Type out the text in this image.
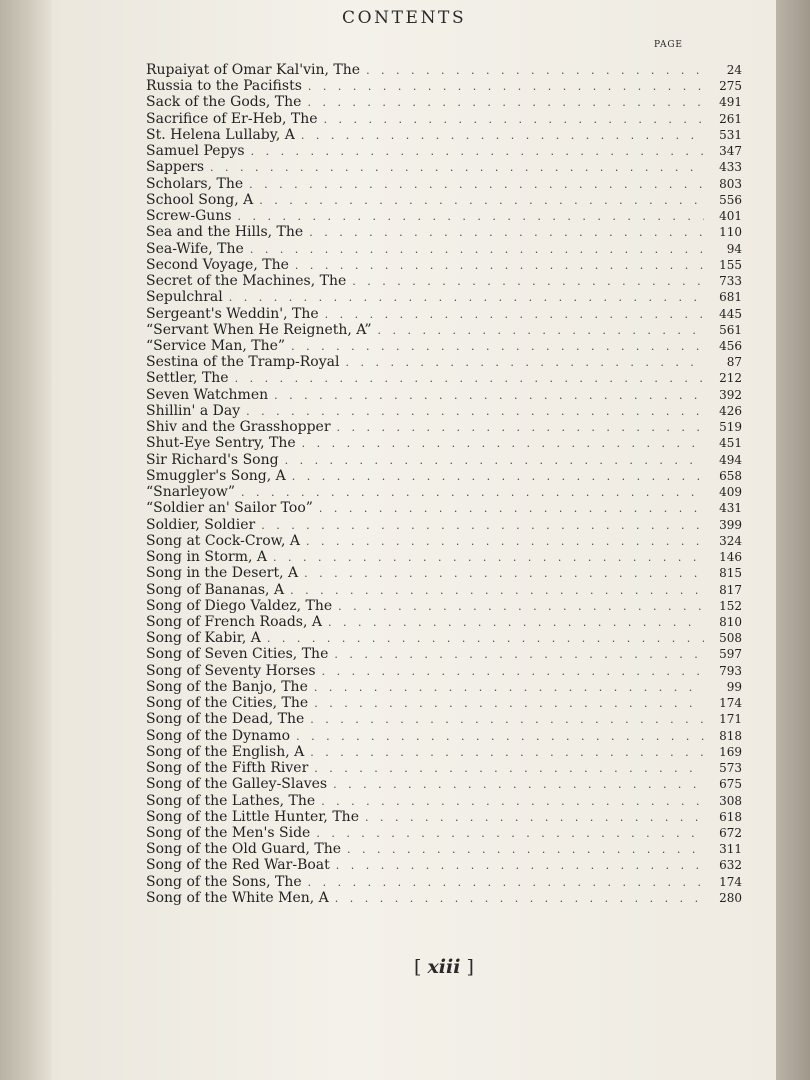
CONTENTS
PAGE
Rupaiyat of Omar Kal'vin, The . . .	24
Russia to the Pacifists . . .	275
Sack of the Gods, The . . .	491
Sacrifice of Er-Heb, The . . .	261
St. Helena Lullaby, A . . .	531
Samuel Pepys . . .	347
Sappers . . .	433
Scholars, The . . .	803
School Song, A . . .	556
Screw-Guns . . .	401
Sea and the Hills, The . . .	110
Sea-Wife, The . . .	94
Second Voyage, The . . .	155
Secret of the Machines, The . . .	733
Sepulchral . . .	681
Sergeant's Weddin', The . . .	445
“Servant When He Reigneth, A” . . .	561
“Service Man, The” . . .	456
Sestina of the Tramp-Royal . . .	87
Settler, The . . .	212
Seven Watchmen . . .	392
Shillin' a Day . . .	426
Shiv and the Grasshopper . . .	519
Shut-Eye Sentry, The . . .	451
Sir Richard's Song . . .	494
Smuggler's Song, A . . .	658
“Snarleyow” . . .	409
“Soldier an' Sailor Too” . . .	431
Soldier, Soldier . . .	399
Song at Cock-Crow, A . . .	324
Song in Storm, A . . .	146
Song in the Desert, A . . .	815
Song of Bananas, A . . .	817
Song of Diego Valdez, The . . .	152
Song of French Roads, A . . .	810
Song of Kabir, A . . .	508
Song of Seven Cities, The . . .	597
Song of Seventy Horses . . .	793
Song of the Banjo, The . . .	99
Song of the Cities, The . . .	174
Song of the Dead, The . . .	171
Song of the Dynamo . . .	818
Song of the English, A . . .	169
Song of the Fifth River . . .	573
Song of the Galley-Slaves . . .	675
Song of the Lathes, The . . .	308
Song of the Little Hunter, The . . .	618
Song of the Men's Side . . .	672
Song of the Old Guard, The . . .	311
Song of the Red War-Boat . . .	632
Song of the Sons, The . . .	174
Song of the White Men, A . . .	280
[ xiii ]
